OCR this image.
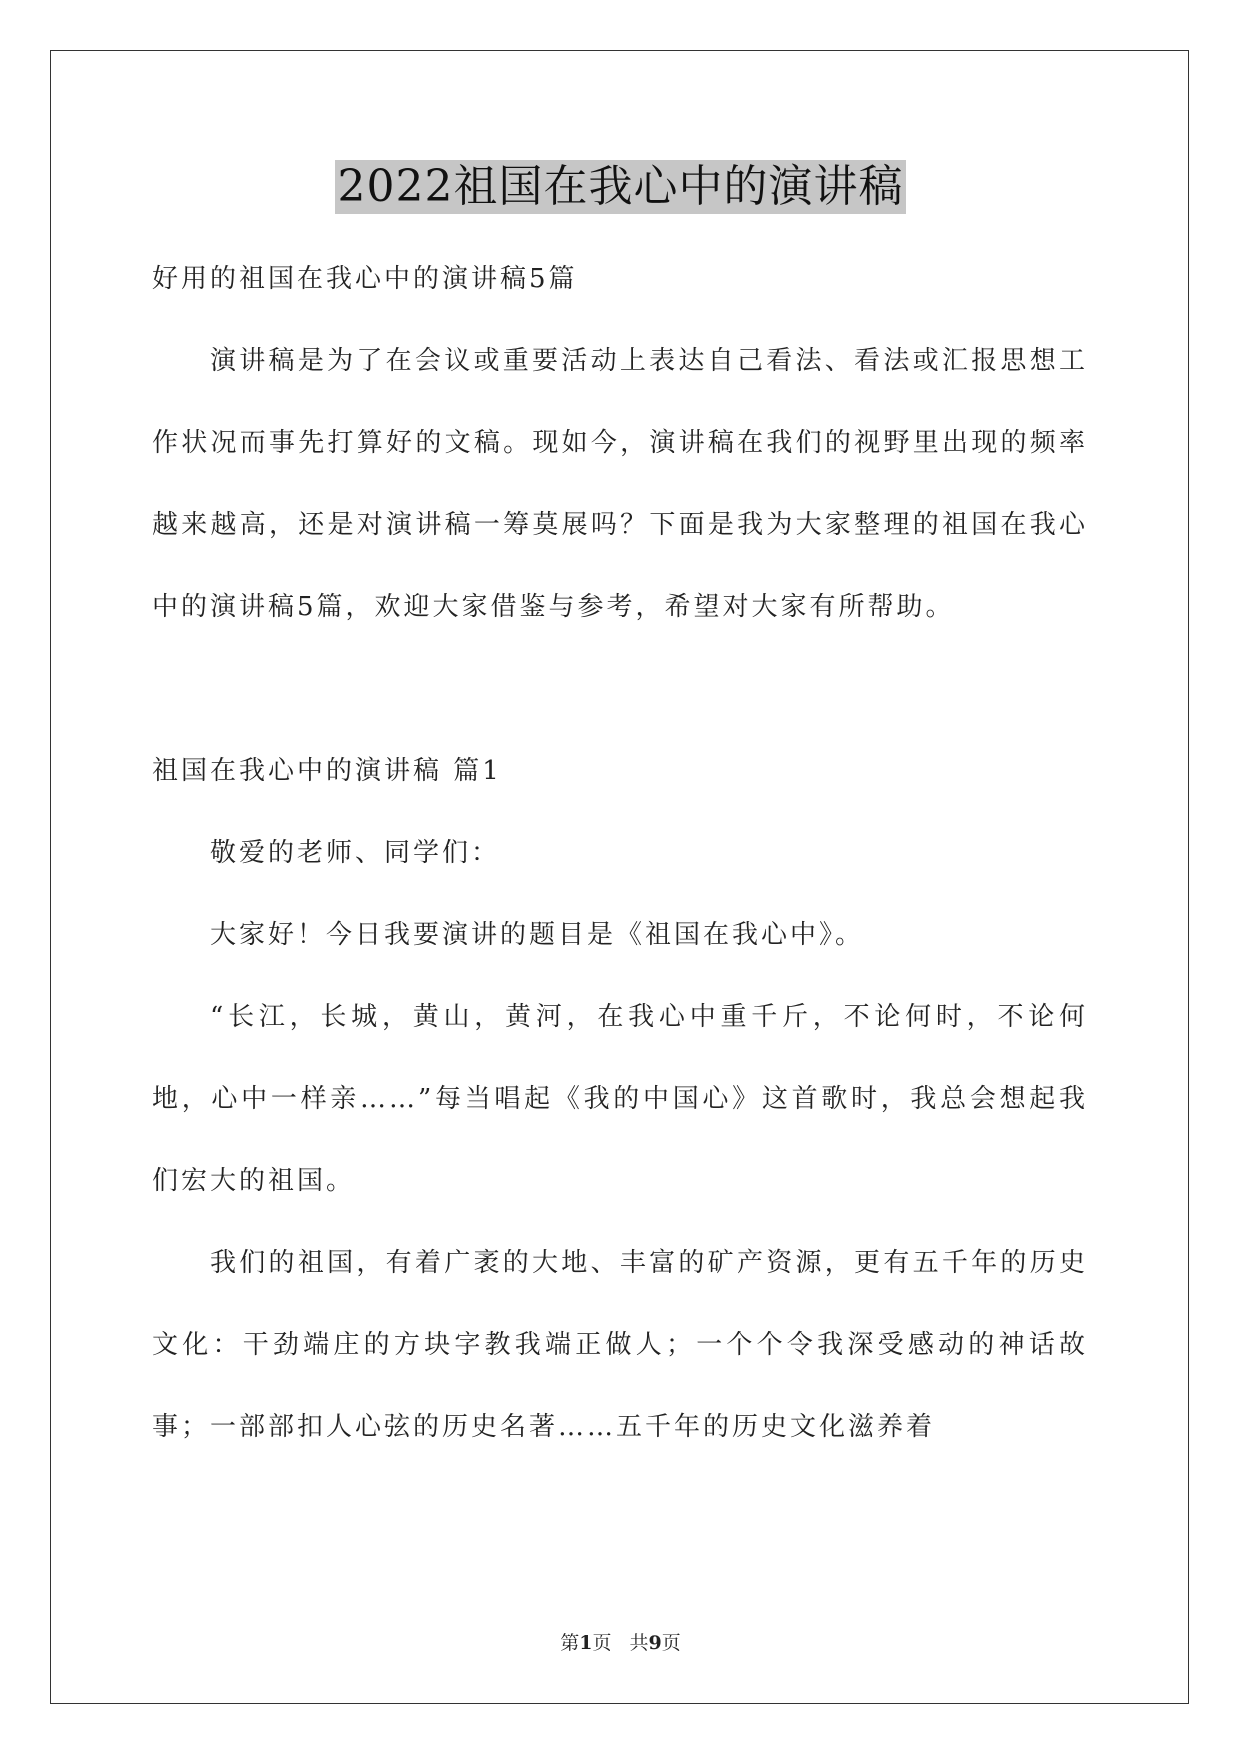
2022祖国在我心中的演讲稿

好用的祖国在我心中的演讲稿5篇

演讲稿是为了在会议或重要活动上表达自己看法、看法或汇报思想工作状况而事先打算好的文稿。现如今，演讲稿在我们的视野里出现的频率越来越高，还是对演讲稿一筹莫展吗？下面是我为大家整理的祖国在我心中的演讲稿5篇，欢迎大家借鉴与参考，希望对大家有所帮助。

祖国在我心中的演讲稿 篇1

敬爱的老师、同学们：

大家好！今日我要演讲的题目是《祖国在我心中》。

“长江，长城，黄山，黄河，在我心中重千斤，不论何时，不论何地，心中一样亲……”每当唱起《我的中国心》这首歌时，我总会想起我们宏大的祖国。

我们的祖国，有着广袤的大地、丰富的矿产资源，更有五千年的历史文化：干劲端庄的方块字教我端正做人；一个个令我深受感动的神话故事；一部部扣人心弦的历史名著……五千年的历史文化滋养着

第1页 共9页
